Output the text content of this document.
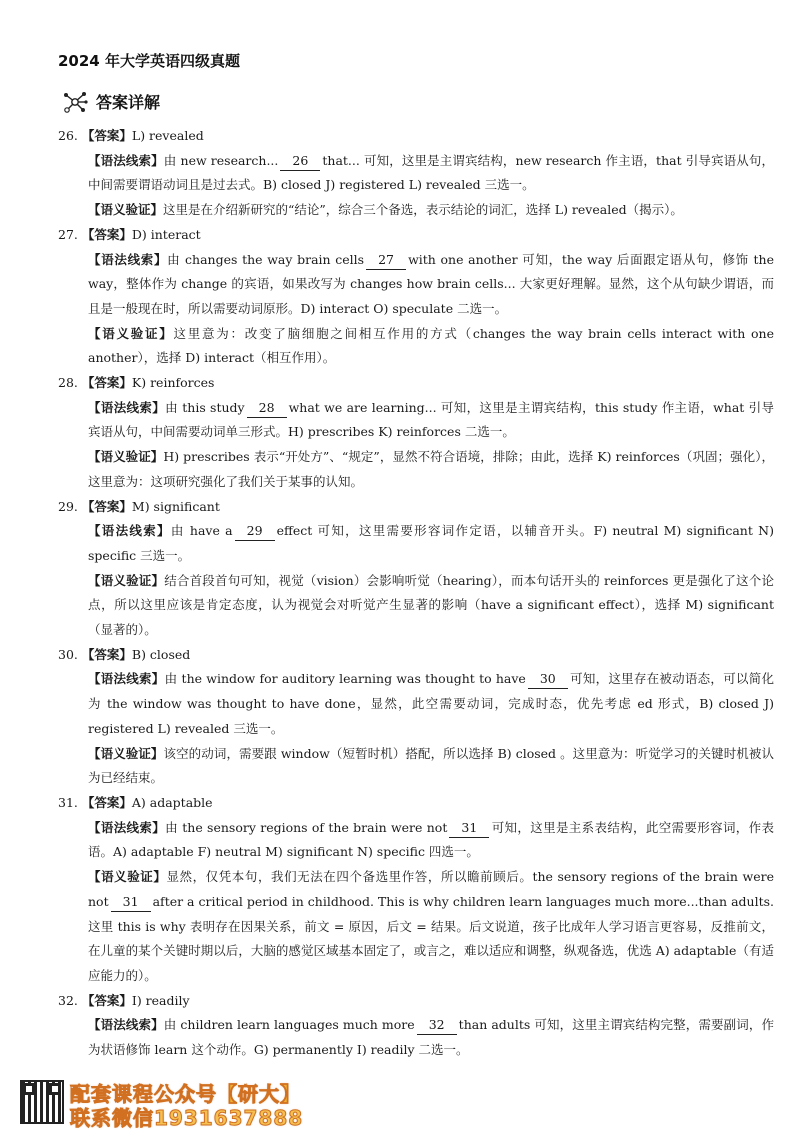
2024 年大学英语四级真题
答案详解

26. 【答案】L) revealed

【语法线索】由 new research... 26 that... 可知，这里是主谓宾结构，new research 作主语，that 引导宾语从句，中间需要谓语动词且是过去式。B) closed J) registered L) revealed 三选一。

【语义验证】这里是在介绍新研究的“结论”，综合三个备选，表示结论的词汇，选择 L) revealed（揭示）。

27. 【答案】D) interact

【语法线索】由 changes the way brain cells 27 with one another 可知，the way 后面跟定语从句，修饰 the way，整体作为 change 的宾语，如果改写为 changes how brain cells... 大家更好理解。显然，这个从句缺少谓语，而且是一般现在时，所以需要动词原形。D) interact O) speculate 二选一。

【语义验证】这里意为：改变了脑细胞之间相互作用的方式（changes the way brain cells interact with one another），选择 D) interact（相互作用）。

28. 【答案】K) reinforces

【语法线索】由 this study 28 what we are learning... 可知，这里是主谓宾结构，this study 作主语，what 引导宾语从句，中间需要动词单三形式。H) prescribes K) reinforces 二选一。

【语义验证】H) prescribes 表示“开处方”、“规定”，显然不符合语境，排除；由此，选择 K) reinforces（巩固；强化），这里意为：这项研究强化了我们关于某事的认知。

29. 【答案】M) significant

【语法线索】由 have a 29 effect 可知，这里需要形容词作定语，以辅音开头。F) neutral M) significant N) specific 三选一。

【语义验证】结合首段首句可知，视觉（vision）会影响听觉（hearing），而本句话开头的 reinforces 更是强化了这个论点，所以这里应该是肯定态度，认为视觉会对听觉产生显著的影响（have a significant effect），选择 M) significant（显著的）。

30. 【答案】B) closed

【语法线索】由 the window for auditory learning was thought to have 30 可知，这里存在被动语态，可以简化为 the window was thought to have done，显然，此空需要动词，完成时态，优先考虑 ed 形式，B) closed J) registered L) revealed 三选一。

【语义验证】该空的动词，需要跟 window（短暂时机）搭配，所以选择 B) closed 。这里意为：听觉学习的关键时机被认为已经结束。

31. 【答案】A) adaptable

【语法线索】由 the sensory regions of the brain were not 31 可知，这里是主系表结构，此空需要形容词，作表语。A) adaptable F) neutral M) significant N) specific 四选一。

【语义验证】显然，仅凭本句，我们无法在四个备选里作答，所以瞻前顾后。the sensory regions of the brain were not 31 after a critical period in childhood. This is why children learn languages much more...than adults. 这里 this is why 表明存在因果关系，前文 = 原因，后文 = 结果。后文说道，孩子比成年人学习语言更容易，反推前文，在儿童的某个关键时期以后，大脑的感觉区域基本固定了，或言之，难以适应和调整，纵观备选，优选 A) adaptable（有适应能力的）。

32. 【答案】I) readily

【语法线索】由 children learn languages much more 32 than adults 可知，这里主谓宾结构完整，需要副词，作为状语修饰 learn 这个动作。G) permanently I) readily 二选一。

配套课程公众号【研大】
联系微信1931637888
